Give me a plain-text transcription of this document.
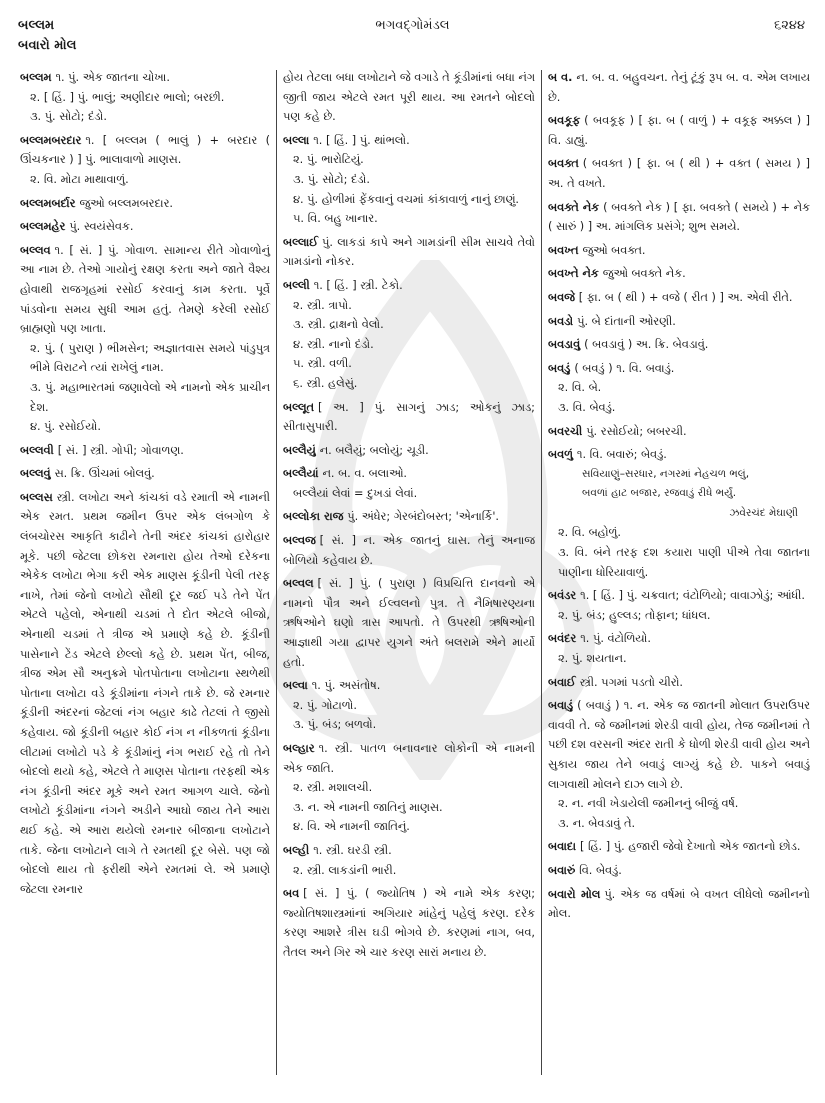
બલ્લમ
બવારો મોલ
ભગવદ્ગોમંડલ	૬૨૪૪
બલ્લમ ૧. પું. એક જાતના ચોખા.
૨. [ હિં. ] પું. ભાલું; અણીદાર ભાલો; બરછી.
૩. પું. સોટો; દંડો.
બલ્લમબરદાર ૧. [ બલ્લમ ( ભાલું ) + બરદાર ( ઊંચકનાર ) ] પું. ભાલાવાળો માણસ.
૨. વિ. મોટા માથાવાળું.
બલ્લમબર્દાર જુઓ બલ્લમબરદાર.
બલ્લમહેર પું. સ્વયંસેવક.
બલ્લવ ૧. [ સં. ] પું. ગોવાળ. સામાન્ય રીતે ગોવાળોનું આ નામ છે. તેઓ ગાયોનું રક્ષણ કરતા અને જાતે વૈશ્ય હોવાથી રાજગૃહમાં રસોઈ કરવાનું કામ કરતા. પૂર્વે પાંડવોના સમય સુધી આમ હતું. તેમણે કરેલી રસોઈ બ્રાહ્મણો પણ ખાતા.
૨. પું. ( પુરાણ ) ભીમસેન; અજ્ઞાતવાસ સમયે પાંડુપુત્ર ભીમે વિરાટને ત્યાં રાખેલું નામ.
૩. પું. મહાભારતમાં જણાવેલો એ નામનો એક પ્રાચીન દેશ.
૪. પું. રસોઈયો.
બલ્લવી [ સં. ] સ્ત્રી. ગોપી; ગોવાળણ.
બલ્લવું સ. ક્રિ. ઊંચમાં બોલવું.
બલ્લસ સ્ત્રી. લખોટા અને કાંચકાં વડે રમાતી એ નામની એક રમત. પ્રથમ જમીન ઉપર એક લંબગોળ કે લંબચોરસ આકૃતિ કાઢીને તેની અંદર કાંચકાં હારોહાર મૂકે. પછી જેટલા છોકરા રમનારા હોય તેઓ દરેકના એકેક લખોટા ભેગા કરી એક માણસ કૂંડીની પેલી તરફ નાખે, તેમાં જેનો લખોટો સૌથી દૂર જઈ પડે તેને પેંત એટલે પહેલો, એનાથી ચડમાં તે દોત એટલે બીજો, એનાથી ચડમાં તે ત્રીજ એ પ્રમાણે કહે છે. કૂંડીની પાસેનાને ટેંડ એટલે છેલ્લો કહે છે. પ્રથમ પેંત, બીજ, ત્રીજ એમ સૌ અનુક્રમે પોતપોતાના લખોટાના સ્થળેથી પોતાના લખોટા વડે કૂંડીમાંના નંગને તાકે છે. જે રમનાર કૂંડીની અંદરનાં જેટલાં નંગ બહાર કાઢે તેટલાં તે જીસો કહેવાય. જો કૂંડીની બહાર કોઈ નંગ ન નીકળતાં કૂંડીના લીટામાં લખોટો પડે કે કૂંડીમાંનું નંગ ભરાઈ રહે તો તેને બોદલો થયો કહે, એટલે તે માણસ પોતાના તરફથી એક નંગ કૂંડીની અંદર મૂકે અને રમત આગળ ચાલે. જેનો લખોટો કૂંડીમાંના નંગને અડીને આઘો જાય તેને આરા થઈ કહે. એ આરા થયેલો રમનાર બીજાના લખોટાને તાકે. જેના લખોટાને લાગે તે રમતથી દૂર બેસે. પણ જો બોદલો થાય તો ફરીથી એને રમતમાં લે. એ પ્રમાણે જેટલા રમનાર
હોય તેટલા બધા લખોટાને જે વગાડે તે કૂંડીમાંનાં બધા નંગ જીતી જાય એટલે રમત પૂરી થાય. આ રમતને બોદલો પણ કહે છે.
બલ્લા ૧. [ હિં. ] પું. થાંભલો.
૨. પું. ભારોટિયું.
૩. પું. સોટો; દંડો.
૪. પું. હોળીમાં ફેંકવાનું વચમાં કાંકાવાળું નાનું છાણું.
૫. વિ. બહુ ખાનાર.
બલ્લાઈ પું. લાકડાં કાપે અને ગામડાંની સીમ સાચવે તેવો ગામડાંનો નોકર.
બલ્લી ૧. [ હિં. ] સ્ત્રી. ટેકો.
૨. સ્ત્રી. ત્રાપો.
૩. સ્ત્રી. દ્રાક્ષનો વેલો.
૪. સ્ત્રી. નાનો દંડો.
૫. સ્ત્રી. વળી.
૬. સ્ત્રી. હલેસું.
બલ્લૂત [ અ. ] પું. સાગનું ઝાડ; ઓકનું ઝાડ; સીતાસુપારી.
બલ્લૈયું ન. બલૈયું; બલોયું; ચૂડી.
બલ્લૈયાં ન. બ. વ. બલાઓ.
બલ્લૈયાં લેવાં = દુખડાં લેવાં.
બલ્લોકા રાજ પું. અંધેર; ગેરબંદોબસ્ત; 'એનાર્કિ'.
બલ્વજ [ સં. ] ન. એક જાતનું ઘાસ. તેનું અનાજ બોળિયો કહેવાય છે.
બલ્વલ [ સં. ] પું. ( પુરાણ ) વિપ્રચિત્તિ દાનવનો એ નામનો પૌત્ર અને ઈલ્વલનો પુત્ર. તે નૈમિષારણ્યના ઋષિઓને ઘણો ત્રાસ આપતો. તે ઉપરથી ઋષિઓની આજ્ઞાથી ગયા દ્વાપર યુગને અંતે બલરામે એને માર્યો હતો.
બલ્વા ૧. પું. અસંતોષ.
૨. પું. ગોટાળો.
૩. પું. બંડ; બળવો.
બલ્હાર ૧. સ્ત્રી. પાતળ બનાવનાર લોકોની એ નામની એક જાતિ.
૨. સ્ત્રી. મશાલચી.
૩. ન. એ નામની જાતિનું માણસ.
૪. વિ. એ નામની જાતિનું.
બલ્હી ૧. સ્ત્રી. ઘરડી સ્ત્રી.
૨. સ્ત્રી. લાકડાંની ભારી.
બવ [ સં. ] પું. ( જ્યોતિષ ) એ નામે એક કરણ; જ્યોતિષશાસ્ત્રમાંનાં અગિયાર માંહેનું પહેલું કરણ. દરેક કરણ આશરે ત્રીસ ઘડી ભોગવે છે. કરણમાં નાગ, બવ, તૈતલ અને ગિર એ ચાર કરણ સારાં મનાય છે.
બ વ. ન. બ. વ. બહુવચન. તેનું ટૂંકું રૂપ બ. વ. એમ લખાય છે.
બવકૂફ ( બવકૂફ ) [ ફા. બ ( વાળું ) + વકૂફ અક્કલ ) ] વિ. ડાહ્યું.
બવક્ત ( બવક્ત ) [ ફા. બ ( થી ) + વક્ત ( સમય ) ] અ. તે વખતે.
બવક્તે નેક ( બવક્તે નેક ) [ ફા. બવક્તે ( સમયે ) + નેક ( સારું ) ] અ. માંગલિક પ્રસંગે; શુભ સમયે.
બવખ્ત જુઓ બવક્ત.
બવખ્તે નેક જુઓ બવક્તે નેક.
બવજે [ ફા. બ ( થી ) + વજે ( રીત ) ] અ. એવી રીતે.
બવડો પું. બે દાંતાની ઓરણી.
બવડાવું ( બવડાવું ) અ. ક્રિ. બેવડાવું.
બવડું ( બવડું ) ૧. વિ. બવાડું.
૨. વિ. બે.
૩. વિ. બેવડું.
બવરચી પું. રસોઈયો; બબરચી.
બવળું ૧. વિ. બવારું; બેવડું.
સવિયાણું–સરધાર, નગરમાં નેહચળ ભલું,
બવળાં હાટ બજાર, રજવાડું રીધે ભર્યું.
ઝવેરચંદ મેઘાણી
૨. વિ. બહોળું.
૩. વિ. બંને તરફ દશ કયારા પાણી પીએ તેવા જાતના પાણીના ધોરિયાવાળું.
બવંડર ૧. [ હિં. ] પું. ચક્રવાત; વંટોળિયો; વાવાઝોડું; આંધી.
૨. પું. બંડ; હુલ્લડ; તોફાન; ધાંધલ.
બવંદર ૧. પું. વંટોળિયો.
૨. પું. શયતાન.
બવાઈ સ્ત્રી. પગમાં પડતો ચીરો.
બવાડું ( બવાડું ) ૧. ન. એક જ જાતની મોલાત ઉપરાઉપર વાવવી તે. જે જમીનમાં શેરડી વાવી હોય, તેજ જમીનમાં તે પછી દશ વરસની અંદર રાતી કે ધોળી શેરડી વાવી હોય અને સુકાય જાય તેને બવાડું લાગ્યું કહે છે. પાકને બવાડું લાગવાથી મોલને દાઝ લાગે છે.
૨. ન. નવી ખેડાયેલી જમીનનું બીજું વર્ષ.
૩. ન. બેવડાવું તે.
બવાદા [ હિં. ] પું. હજારી જેવો દેખાતો એક જાતનો છોડ.
બવારું વિ. બેવડું.
બવારો મોલ પું. એક જ વર્ષમાં બે વખત લીધેલો જમીનનો મોલ.
